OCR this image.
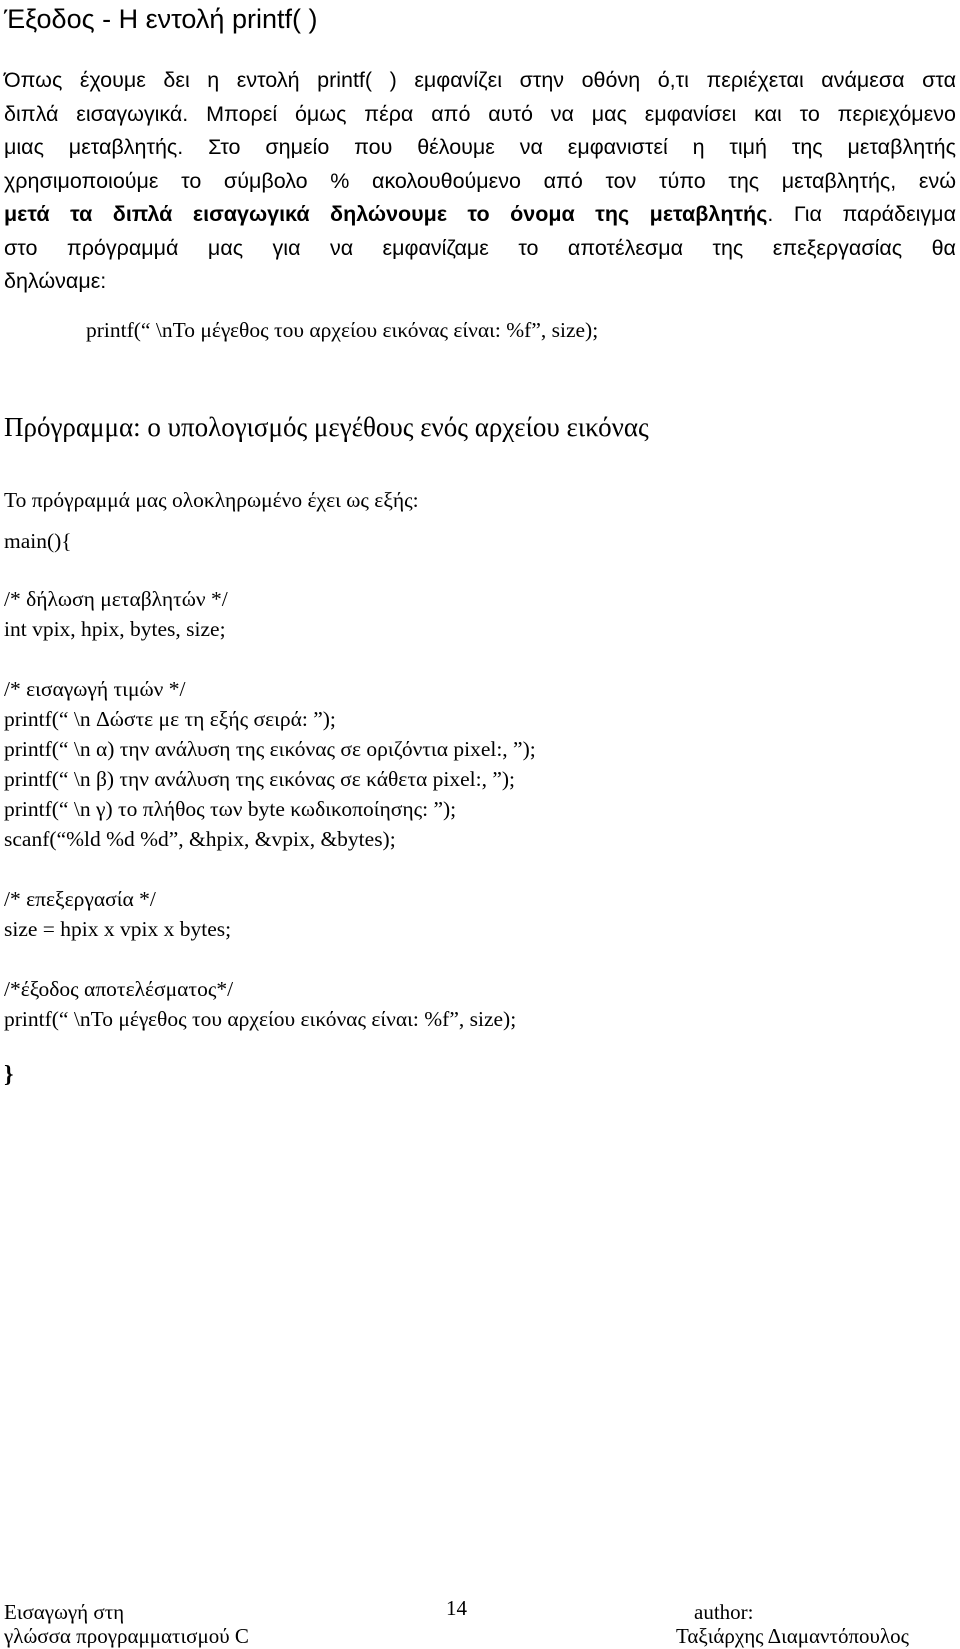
Έξοδος - Η εντολή printf( )
Όπως έχουμε δει η εντολή printf( ) εμφανίζει στην οθόνη ό,τι περιέχεται ανάμεσα στα
διπλά εισαγωγικά. Μπορεί όμως πέρα από αυτό να μας εμφανίσει και το περιεχόμενο
μιας μεταβλητής. Στο σημείο που θέλουμε να εμφανιστεί η τιμή της μεταβλητής
χρησιμοποιούμε το σύμβολο % ακολουθούμενο από τον τύπο της μεταβλητής, ενώ
μετά τα διπλά εισαγωγικά δηλώνουμε το όνομα της μεταβλητής. Για παράδειγμα
στο πρόγραμμά μας για να εμφανίζαμε το αποτέλεσμα της επεξεργασίας θα
δηλώναμε:
printf(“ \nΤο μέγεθος του αρχείου εικόνας είναι: %f”, size);
Πρόγραμμα: ο υπολογισμός μεγέθους ενός αρχείου εικόνας
Το πρόγραμμά μας ολοκληρωμένο έχει ως εξής:
main(){
/* δήλωση μεταβλητών */
int vpix, hpix, bytes, size;
/* εισαγωγή τιμών */
printf(“ \n Δώστε με τη εξής σειρά: ”);
printf(“ \n α) την ανάλυση της εικόνας σε οριζόντια pixel:, ”);
printf(“ \n β) την ανάλυση της εικόνας σε κάθετα pixel:, ”);
printf(“ \n γ) το πλήθος των byte κωδικοποίησης: ”);
scanf(“%ld %d %d”, &hpix, &vpix, &bytes);
/* επεξεργασία */
size = hpix x vpix x bytes;
/*έξοδος αποτελέσματος*/
printf(“ \nΤο μέγεθος του αρχείου εικόνας είναι: %f”, size);
}
Εισαγωγή στη
γλώσσα προγραμματισμού C
14	author:
Ταξιάρχης Διαμαντόπουλος
